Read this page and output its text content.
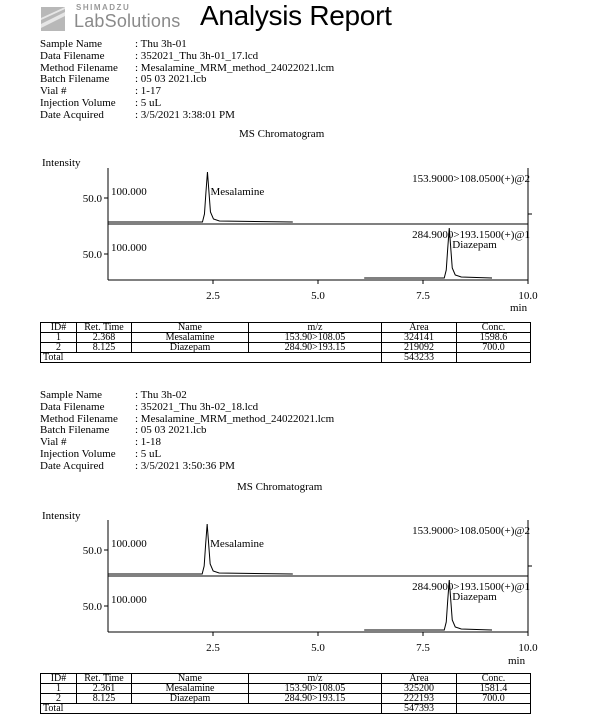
SHIMADZU
LabSolutions Analysis Report
Sample Name	: Thu 3h-01
Data Filename	: 352021_Thu 3h-01_17.lcd
Method Filename	: Mesalamine_MRM_method_24022021.lcm
Batch Filename	: 05 03 2021.lcb
Vial #	: 1-17
Injection Volume	: 5 uL
Date Acquired	: 3/5/2021 3:38:01 PM
MS Chromatogram
Intensity
50.0
100.000
153.9000>108.0500(+)@2
Mesalamine
50.0
100.000
284.9000>193.1500(+)@1
Diazepam
2.5	5.0	7.5	10.0
min
ID#	Ret. Time	Name	m/z	Area	Conc.
1	2.368	Mesalamine	153.90>108.05	324141	1598.6
2	8.125	Diazepam	284.90>193.15	219092	700.0
Total				543233	
Sample Name	: Thu 3h-02
Data Filename	: 352021_Thu 3h-02_18.lcd
Method Filename	: Mesalamine_MRM_method_24022021.lcm
Batch Filename	: 05 03 2021.lcb
Vial #	: 1-18
Injection Volume	: 5 uL
Date Acquired	: 3/5/2021 3:50:36 PM
MS Chromatogram
Intensity
50.0
100.000
153.9000>108.0500(+)@2
Mesalamine
50.0
100.000
284.9000>193.1500(+)@1
Diazepam
2.5	5.0	7.5	10.0
min
ID#	Ret. Time	Name	m/z	Area	Conc.
1	2.361	Mesalamine	153.90>108.05	325200	1581.4
2	8.125	Diazepam	284.90>193.15	222193	700.0
Total				547393	
